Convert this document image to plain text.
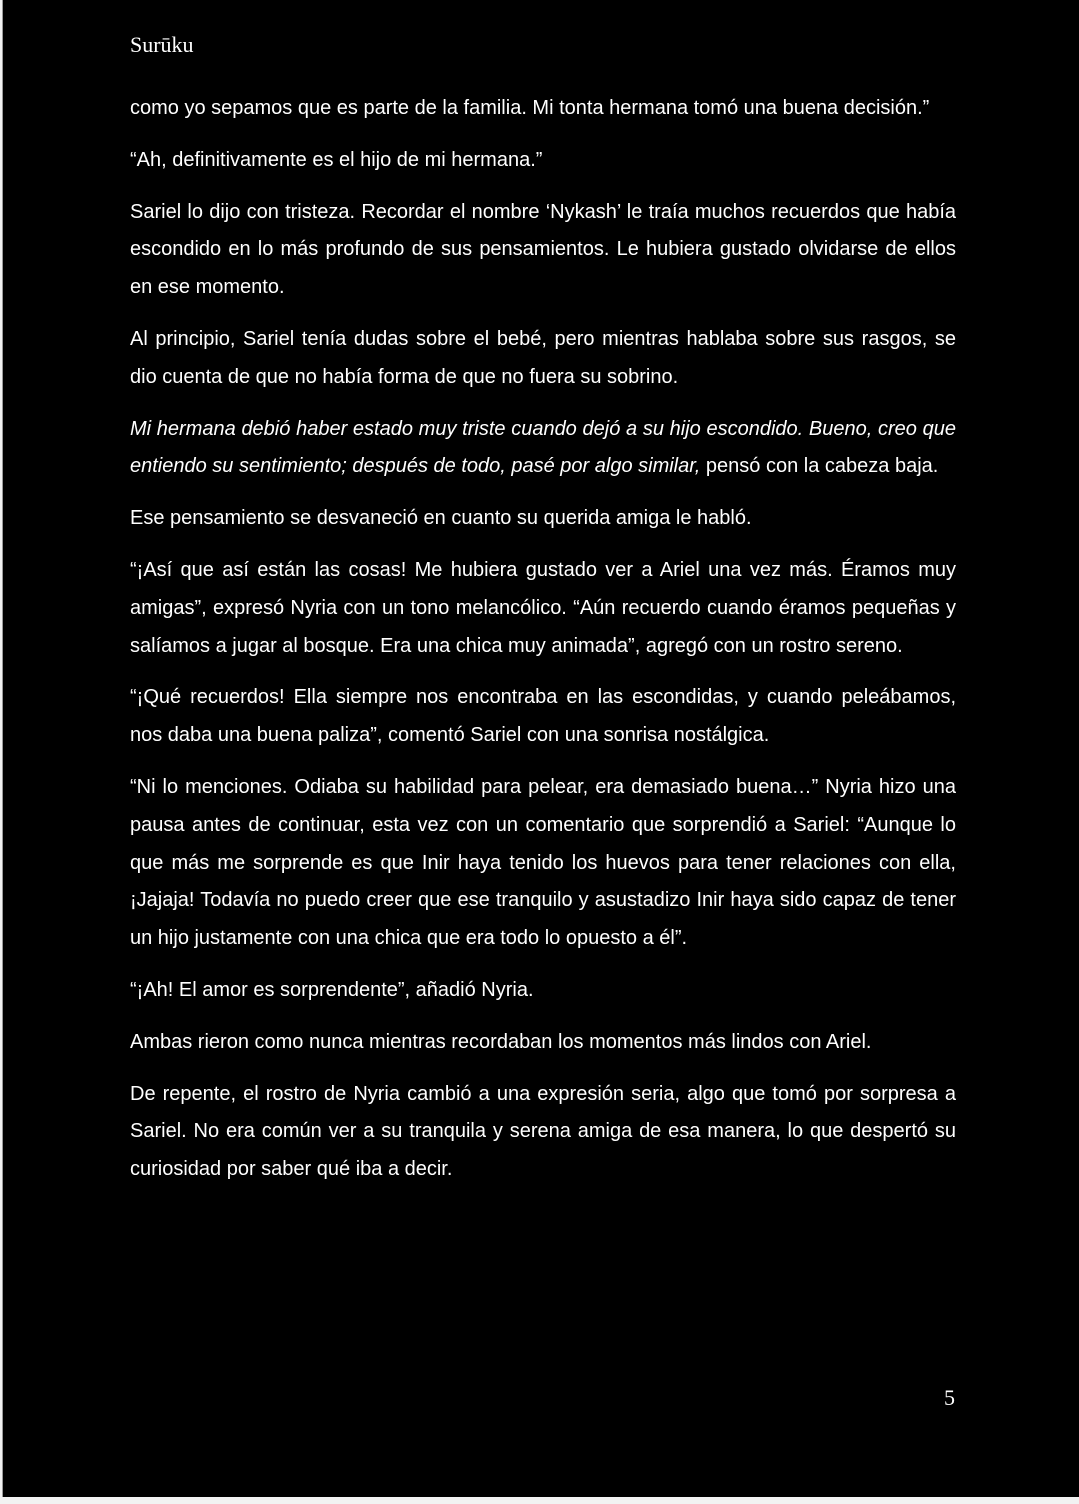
Surūku

como yo sepamos que es parte de la familia. Mi tonta hermana tomó una buena decisión.”

“Ah, definitivamente es el hijo de mi hermana.”

Sariel lo dijo con tristeza. Recordar el nombre ‘Nykash’ le traía muchos recuerdos que había escondido en lo más profundo de sus pensamientos. Le hubiera gustado olvidarse de ellos en ese momento.

Al principio, Sariel tenía dudas sobre el bebé, pero mientras hablaba sobre sus rasgos, se dio cuenta de que no había forma de que no fuera su sobrino.

Mi hermana debió haber estado muy triste cuando dejó a su hijo escondido. Bueno, creo que entiendo su sentimiento; después de todo, pasé por algo similar, pensó con la cabeza baja.

Ese pensamiento se desvaneció en cuanto su querida amiga le habló.

“¡Así que así están las cosas! Me hubiera gustado ver a Ariel una vez más. Éramos muy amigas”, expresó Nyria con un tono melancólico. “Aún recuerdo cuando éramos pequeñas y salíamos a jugar al bosque. Era una chica muy animada”, agregó con un rostro sereno.

“¡Qué recuerdos! Ella siempre nos encontraba en las escondidas, y cuando peleábamos, nos daba una buena paliza”, comentó Sariel con una sonrisa nostálgica.

“Ni lo menciones. Odiaba su habilidad para pelear, era demasiado buena…” Nyria hizo una pausa antes de continuar, esta vez con un comentario que sorprendió a Sariel: “Aunque lo que más me sorprende es que Inir haya tenido los huevos para tener relaciones con ella, ¡Jajaja! Todavía no puedo creer que ese tranquilo y asustadizo Inir haya sido capaz de tener un hijo justamente con una chica que era todo lo opuesto a él”.

“¡Ah! El amor es sorprendente”, añadió Nyria.

Ambas rieron como nunca mientras recordaban los momentos más lindos con Ariel.

De repente, el rostro de Nyria cambió a una expresión seria, algo que tomó por sorpresa a Sariel. No era común ver a su tranquila y serena amiga de esa manera, lo que despertó su curiosidad por saber qué iba a decir.

5
